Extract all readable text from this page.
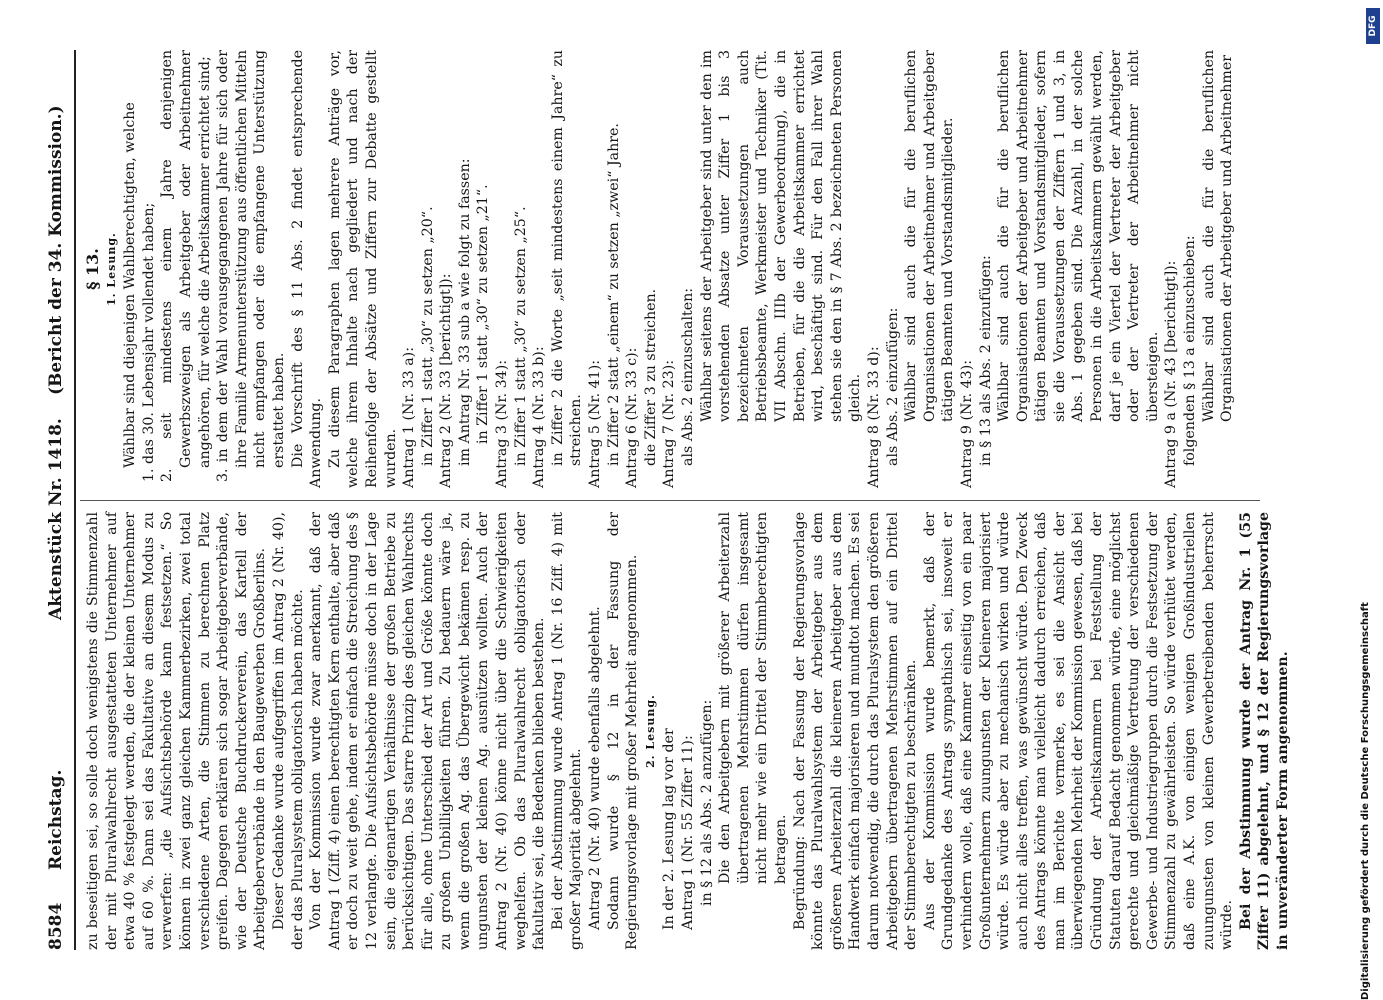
8584
Reichstag.
Aktenstück Nr. 1418.
(Bericht der 34. Kommission.)

zu beseitigen sei, so solle doch wenigstens die Stimmenzahl der mit Pluralwahlrecht ausgestatteten Unternehmer auf etwa 40 % festgelegt werden, die der kleinen Unternehmer auf 60 %. Dann sei das Fakultative an diesem Modus zu verwerfen: „die Aufsichtsbehörde kann festsetzen.“ So können in zwei ganz gleichen Kammerbezirken, zwei total verschiedene Arten, die Stimmen zu berechnen Platz greifen. Dagegen erklären sich sogar Arbeitgeberverbände, wie der Deutsche Buchdruckerverein, das Kartell der Arbeitgeberverbände in den Baugewerben Großberlins. Dieser Gedanke wurde aufgegriffen im Antrag 2 (Nr. 40), der das Pluralsystem obligatorisch haben möchte. Von der Kommission wurde zwar anerkannt, daß der Antrag 1 (Ziff. 4) einen berechtigten Kern enthalte, aber daß er doch zu weit gehe, indem er einfach die Streichung des § 12 verlangte. Die Aufsichtsbehörde müsse doch in der Lage sein, die eigenartigen Verhältnisse der großen Betriebe zu berücksichtigen. Das starre Prinzip des gleichen Wahlrechts für alle, ohne Unterschied der Art und Größe könnte doch zu großen Unbilligkeiten führen. Zu bedauern wäre ja, wenn die großen Ag. das Übergewicht bekämen resp. zu ungunsten der kleinen Ag. ausnützen wollten. Auch der Antrag 2 (Nr. 40) könne nicht über die Schwierigkeiten weghelfen. Ob das Pluralwahlrecht obligatorisch oder fakultativ sei, die Bedenken blieben bestehen. Bei der Abstimmung wurde Antrag 1 (Nr. 16 Ziff. 4) mit großer Majorität abgelehnt. Antrag 2 (Nr. 40) wurde ebenfalls abgelehnt. Sodann wurde § 12 in der Fassung der Regierungsvorlage mit großer Mehrheit angenommen. 2. Lesung. In der 2. Lesung lag vor der Antrag 1 (Nr. 55 Ziffer 11): in § 12 als Abs. 2 anzufügen: Die den Arbeitgebern mit größerer Arbeiterzahl übertragenen Mehrstimmen dürfen insgesamt nicht mehr wie ein Drittel der Stimmberechtigten betragen. Begründung: Nach der Fassung der Regierungsvorlage könnte das Pluralwahlsystem der Arbeitgeber aus dem größeren Arbeiterzahl die kleineren Arbeitgeber aus dem Handwerk einfach majorisieren und mundtot machen. Es sei darum notwendig, die durch das Pluralsystem den größeren Arbeitgebern übertragenen Mehrstimmen auf ein Drittel der Stimmberechtigten zu beschränken. Aus der Kommission wurde bemerkt, daß der Grundgedanke des Antrags sympathisch sei, insoweit er verhindern wolle, daß eine Kammer einseitig von ein paar Großunternehmern zuungunsten der Kleineren majorisiert würde. Es würde aber zu mechanisch wirken und würde auch nicht alles treffen, was gewünscht würde. Den Zweck des Antrags könnte man vielleicht dadurch erreichen, daß man im Berichte vermerke, es sei die Ansicht der überwiegenden Mehrheit der Kommission gewesen, daß bei Gründung der Arbeitskammern bei Feststellung der Statuten darauf Bedacht genommen würde, eine möglichst gerechte und gleichmäßige Vertretung der verschiedenen Gewerbe- und Industriegruppen durch die Festsetzung der Stimmenzahl zu gewährleisten. So würde verhütet werden, daß eine A.K. von einigen wenigen Großindustriellen zuungunsten von kleinen Gewerbetreibenden beherrscht würde. Bei der Abstimmung wurde der Antrag Nr. 1 (55 Ziffer 11) abgelehnt, und § 12 der Regierungsvorlage in unveränderter Form angenommen.

§ 13. 1. Lesung. Wählbar sind diejenigen Wahlberechtigten, welche 1. das 30. Lebensjahr vollendet haben; 2. seit mindestens einem Jahre denjenigen Gewerbszweigen als Arbeitgeber oder Arbeitnehmer angehören, für welche die Arbeitskammer errichtet sind; 3. in dem der Wahl vorausgegangenen Jahre für sich oder ihre Familie Armenunterstützung aus öffentlichen Mitteln nicht empfangen oder die empfangene Unterstützung erstattet haben. Die Vorschrift des § 11 Abs. 2 findet entsprechende Anwendung. Zu diesem Paragraphen lagen mehrere Anträge vor, welche ihrem Inhalte nach gegliedert und nach der Reihenfolge der Absätze und Ziffern zur Debatte gestellt wurden. Antrag 1 (Nr. 33 a): in Ziffer 1 statt „30“ zu setzen „20“. Antrag 2 (Nr. 33 [berichtigt]): im Antrag Nr. 33 sub a wie folgt zu fassen: in Ziffer 1 statt „30“ zu setzen „21“. Antrag 3 (Nr. 34): in Ziffer 1 statt „30“ zu setzen „25“. Antrag 4 (Nr. 33 b): in Ziffer 2 die Worte „seit mindestens einem Jahre“ zu streichen. Antrag 5 (Nr. 41): in Ziffer 2 statt „einem“ zu setzen „zwei“ Jahre. Antrag 6 (Nr. 33 c): die Ziffer 3 zu streichen. Antrag 7 (Nr. 23): als Abs. 2 einzuschalten: Wählbar seitens der Arbeitgeber sind unter den im vorstehenden Absatze unter Ziffer 1 bis 3 bezeichneten Voraussetzungen auch Betriebsbeamte, Werkmeister und Techniker (Tit. VII Abschn. IIIb der Gewerbeordnung), die in Betrieben, für die die Arbeitskammer errichtet wird, beschäftigt sind. Für den Fall ihrer Wahl stehen sie den in § 7 Abs. 2 bezeichneten Personen gleich. Antrag 8 (Nr. 33 d): als Abs. 2 einzufügen: Wählbar sind auch die für die beruflichen Organisationen der Arbeitnehmer und Arbeitgeber tätigen Beamten und Vorstandsmitglieder.

Antrag 9 (Nr. 43): in § 13 als Abs. 2 einzufügen: Wählbar sind auch die für die beruflichen Organisationen der Arbeitgeber und Arbeitnehmer tätigen Beamten und Vorstandsmitglieder, sofern sie die Voraussetzungen der Ziffern 1 und 3, in Abs. 1 gegeben sind. Die Anzahl, in der solche Personen in die Arbeitskammern gewählt werden, darf je ein Viertel der Vertreter der Arbeitgeber oder der Vertreter der Arbeitnehmer nicht übersteigen. Antrag 9 a (Nr. 43 [berichtigt]): folgenden § 13 a einzuschieben: Wählbar sind auch die für die beruflichen Organisationen der Arbeitgeber und Arbeitnehmer

Digitalisierung gefördert durch die Deutsche Forschungsgemeinschaft
DFG
